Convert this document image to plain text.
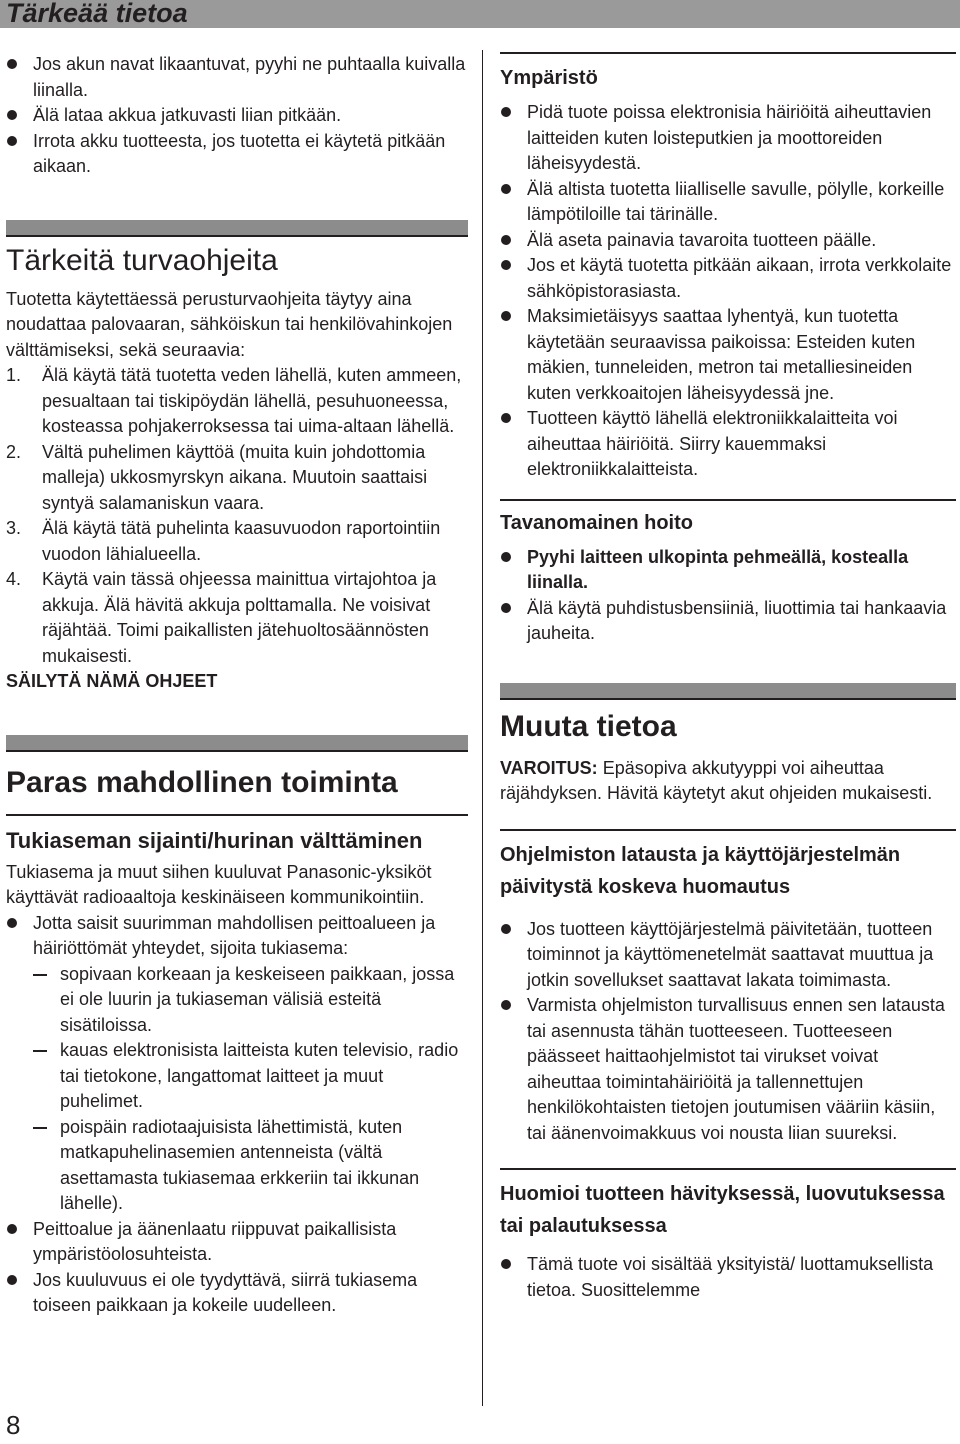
Tärkeää tietoa
Jos akun navat likaantuvat, pyyhi ne puhtaalla kuivalla liinalla.
Älä lataa akkua jatkuvasti liian pitkään.
Irrota akku tuotteesta, jos tuotetta ei käytetä pitkään aikaan.
Tärkeitä turvaohjeita
Tuotetta käytettäessä perusturvaohjeita täytyy aina noudattaa palovaaran, sähköiskun tai henkilövahinkojen välttämiseksi, sekä seuraavia:
1. Älä käytä tätä tuotetta veden lähellä, kuten ammeen, pesualtaan tai tiskipöydän lähellä, pesuhuoneessa, kosteassa pohjakerroksessa tai uima-altaan lähellä.
2. Vältä puhelimen käyttöä (muita kuin johdottomia malleja) ukkosmyrskyn aikana. Muutoin saattaisi syntyä salamaniskun vaara.
3. Älä käytä tätä puhelinta kaasuvuodon raportointiin vuodon lähialueella.
4. Käytä vain tässä ohjeessa mainittua virtajohtoa ja akkuja. Älä hävitä akkuja polttamalla. Ne voisivat räjähtää. Toimi paikallisten jätehuoltosäännösten mukaisesti.
SÄILYTÄ NÄMÄ OHJEET
Paras mahdollinen toiminta
Tukiaseman sijainti/hurinan välttäminen
Tukiasema ja muut siihen kuuluvat Panasonic-yksiköt käyttävät radioaaltoja keskinäiseen kommunikointiin.
Jotta saisit suurimman mahdollisen peittoalueen ja häiriöttömät yhteydet, sijoita tukiasema:
sopivaan korkeaan ja keskeiseen paikkaan, jossa ei ole luurin ja tukiaseman välisiä esteitä sisätiloissa.
kauas elektronisista laitteista kuten televisio, radio tai tietokone, langattomat laitteet ja muut puhelimet.
poispäin radiotaajuisista lähettimistä, kuten matkapuhelinasemien antenneista (vältä asettamasta tukiasemaa erkkeriin tai ikkunan lähelle).
Peittoalue ja äänenlaatu riippuvat paikallisista ympäristöolosuhteista.
Jos kuuluvuus ei ole tyydyttävä, siirrä tukiasema toiseen paikkaan ja kokeile uudelleen.
Ympäristö
Pidä tuote poissa elektronisia häiriöitä aiheuttavien laitteiden kuten loisteputkien ja moottoreiden läheisyydestä.
Älä altista tuotetta liialliselle savulle, pölylle, korkeille lämpötiloille tai tärinälle.
Älä aseta painavia tavaroita tuotteen päälle.
Jos et käytä tuotetta pitkään aikaan, irrota verkkolaite sähköpistorasiasta.
Maksimietäisyys saattaa lyhentyä, kun tuotetta käytetään seuraavissa paikoissa: Esteiden kuten mäkien, tunneleiden, metron tai metalliesineiden kuten verkkoaitojen läheisyydessä jne.
Tuotteen käyttö lähellä elektroniikkalaitteita voi aiheuttaa häiriöitä. Siirry kauemmaksi elektroniikkalaitteista.
Tavanomainen hoito
Pyyhi laitteen ulkopinta pehmeällä, kostealla liinalla.
Älä käytä puhdistusbensiiniä, liuottimia tai hankaavia jauheita.
Muuta tietoa
VAROITUS: Epäsopiva akkutyyppi voi aiheuttaa räjähdyksen. Hävitä käytetyt akut ohjeiden mukaisesti.
Ohjelmiston latausta ja käyttöjärjestelmän päivitystä koskeva huomautus
Jos tuotteen käyttöjärjestelmä päivitetään, tuotteen toiminnot ja käyttömenetelmät saattavat muuttua ja jotkin sovellukset saattavat lakata toimimasta.
Varmista ohjelmiston turvallisuus ennen sen latausta tai asennusta tähän tuotteeseen. Tuotteeseen päässeet haittaohjelmistot tai virukset voivat aiheuttaa toimintahäiriöitä ja tallennettujen henkilökohtaisten tietojen joutumisen vääriin käsiin, tai äänenvoimakkuus voi nousta liian suureksi.
Huomioi tuotteen hävityksessä, luovutuksessa tai palautuksessa
Tämä tuote voi sisältää yksityistä/ luottamuksellista tietoa. Suosittelemme
8
